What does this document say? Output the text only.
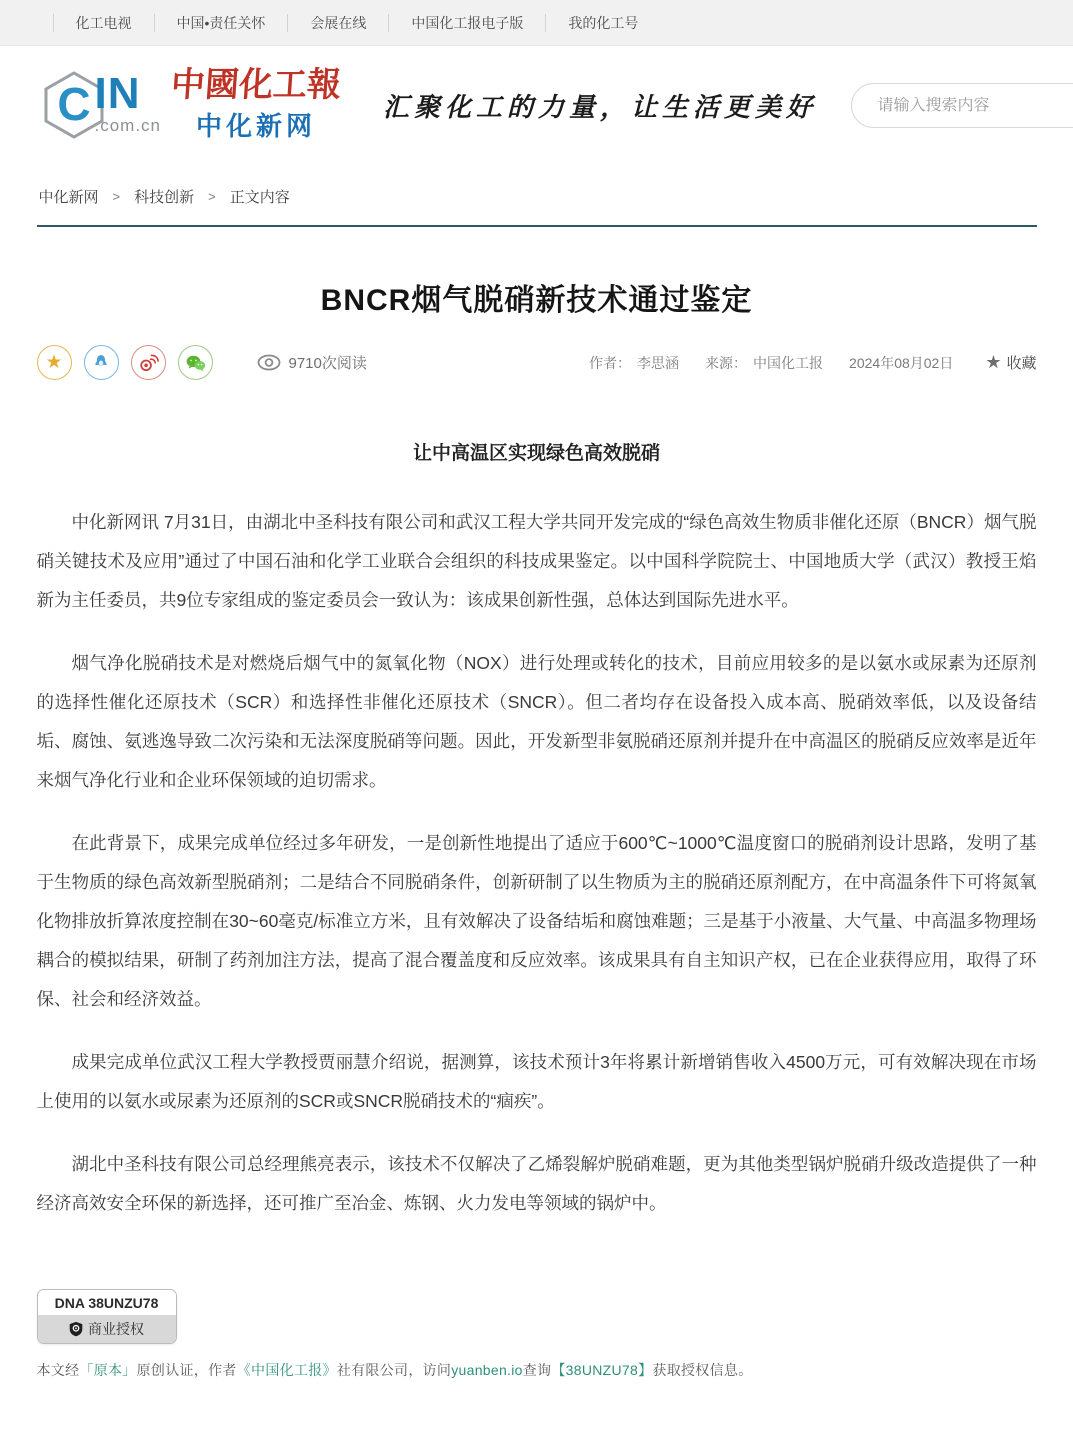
化工电视	中国•责任关怀	会展在线	中国化工报电子版	我的化工号
C IN
.com.cn
中國化工報
中化新网
汇聚化工的力量，让生活更美好
请输入搜索内容
中化新网 > 科技创新 > 正文内容
BNCR烟气脱硝新技术通过鉴定
★	9710次阅读	作者： 李思涵 来源： 中国化工报 2024年08月02日 ★ 收藏
让中高温区实现绿色高效脱硝

中化新网讯 7月31日，由湖北中圣科技有限公司和武汉工程大学共同开发完成的“绿色高效生物质非催化还原（BNCR）烟气脱硝关键技术及应用”通过了中国石油和化学工业联合会组织的科技成果鉴定。以中国科学院院士、中国地质大学（武汉）教授王焰新为主任委员，共9位专家组成的鉴定委员会一致认为：该成果创新性强，总体达到国际先进水平。

烟气净化脱硝技术是对燃烧后烟气中的氮氧化物（NOX）进行处理或转化的技术，目前应用较多的是以氨水或尿素为还原剂的选择性催化还原技术（SCR）和选择性非催化还原技术（SNCR）。但二者均存在设备投入成本高、脱硝效率低，以及设备结垢、腐蚀、氨逃逸导致二次污染和无法深度脱硝等问题。因此，开发新型非氨脱硝还原剂并提升在中高温区的脱硝反应效率是近年来烟气净化行业和企业环保领域的迫切需求。

在此背景下，成果完成单位经过多年研发，一是创新性地提出了适应于600℃~1000℃温度窗口的脱硝剂设计思路，发明了基于生物质的绿色高效新型脱硝剂；二是结合不同脱硝条件，创新研制了以生物质为主的脱硝还原剂配方，在中高温条件下可将氮氧化物排放折算浓度控制在30~60毫克/标准立方米，且有效解决了设备结垢和腐蚀难题；三是基于小液量、大气量、中高温多物理场耦合的模拟结果，研制了药剂加注方法，提高了混合覆盖度和反应效率。该成果具有自主知识产权，已在企业获得应用，取得了环保、社会和经济效益。

成果完成单位武汉工程大学教授贾丽慧介绍说，据测算，该技术预计3年将累计新增销售收入4500万元，可有效解决现在市场上使用的以氨水或尿素为还原剂的SCR或SNCR脱硝技术的“痼疾”。

湖北中圣科技有限公司总经理熊亮表示，该技术不仅解决了乙烯裂解炉脱硝难题，更为其他类型锅炉脱硝升级改造提供了一种经济高效安全环保的新选择，还可推广至冶金、炼钢、火力发电等领域的锅炉中。

DNA 38UNZU78
商业授权
本文经「原本」原创认证，作者《中国化工报》社有限公司，访问yuanben.io查询【38UNZU78】获取授权信息。
